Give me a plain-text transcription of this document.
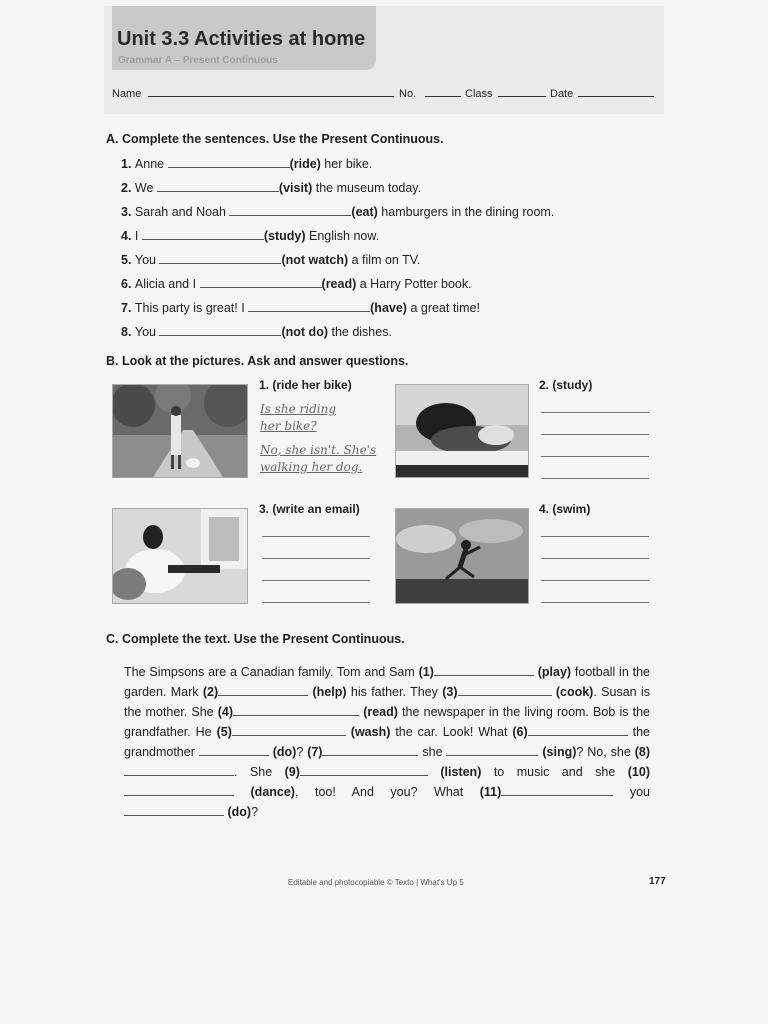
Unit 3.3 Activities at home
Grammar A – Present Continuous
Name	No.	Class	Date
A. Complete the sentences. Use the Present Continuous.
1. Anne	(ride) her bike.
2. We	(visit) the museum today.
3. Sarah and Noah	(eat) hamburgers in the dining room.
4. I	(study) English now.
5. You	(not watch) a film on TV.
6. Alicia and I	(read) a Harry Potter book.
7. This party is great! I	(have) a great time!
8. You	(not do) the dishes.
B. Look at the pictures. Ask and answer questions.
1. (ride her bike)
Is she riding
her bike?
No, she isn't. She's
walking her dog.
2. (study)
3. (write an email)	4. (swim)
C. Complete the text. Use the Present Continuous.
The Simpsons are a Canadian family. Tom and Sam (1)	(play) football in the garden. Mark (2)	(help) his father. They (3)	(cook). Susan is the mother. She (4)	(read) the newspaper in the living room. Bob is the grandfather. He (5)	(wash) the car. Look! What (6)	the grandmother	(do)? (7)	she	(sing)? No, she (8). She (9)	(listen) to music and she (10) (dance), too! And you? What (11)	you  (do)?
Editable and photocopiable © Texto | What's Up 5	177
